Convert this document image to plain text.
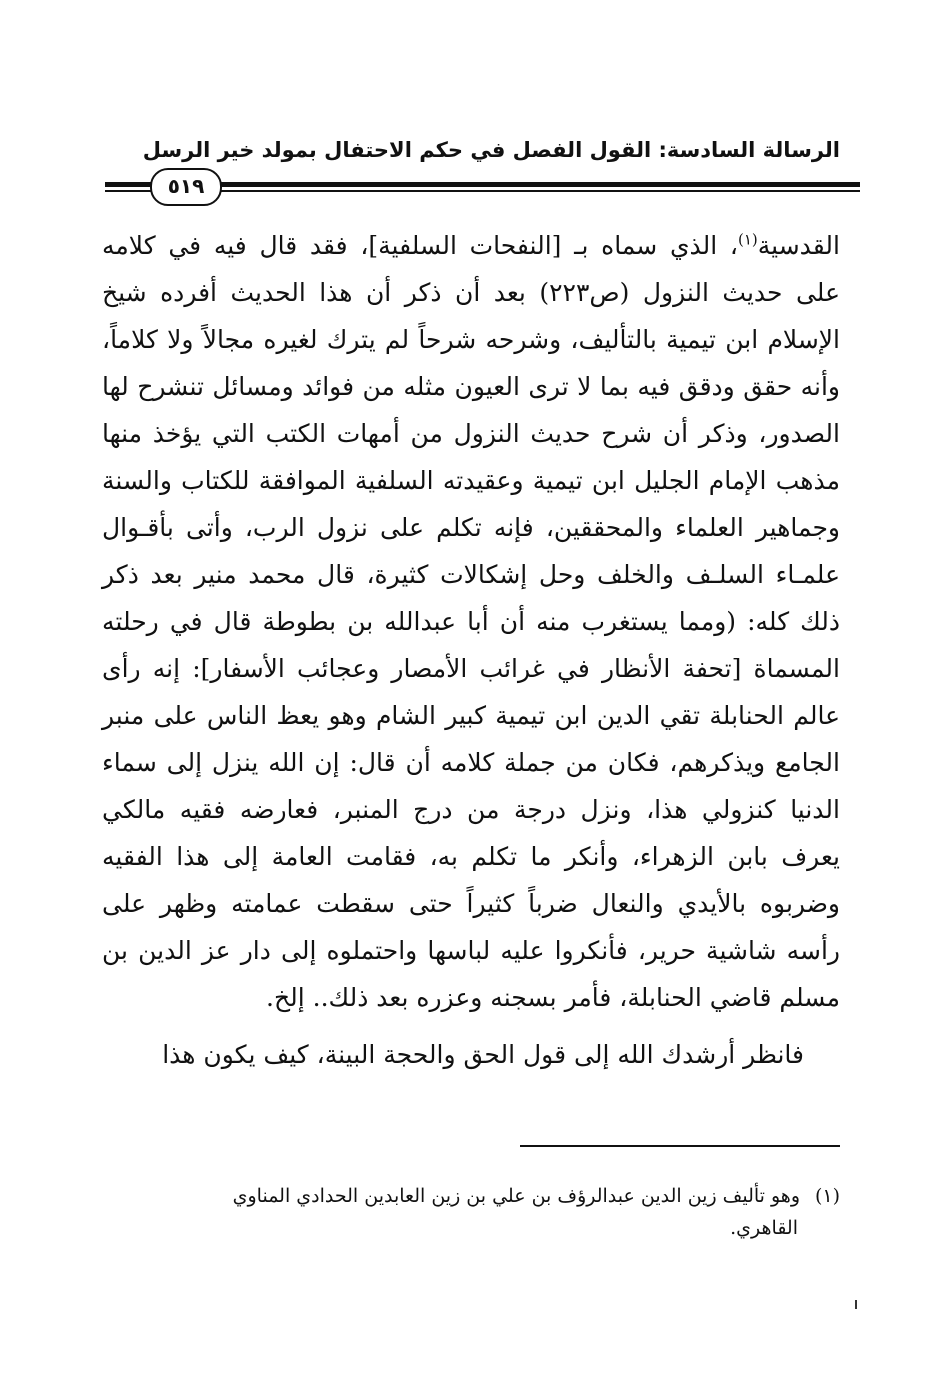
الرسالة السادسة: القول الفصل في حكم الاحتفال بمولد خير الرسل
٥١٩

القدسية$^{(١)}$، الذي سماه بـ [النفحات السلفية]، فقد قال فيه في كلامه على حديث النزول (ص٢٢٣) بعد أن ذكر أن هذا الحديث أفرده شيخ الإسلام ابن تيمية بالتأليف، وشرحه شرحاً لم يترك لغيره مجالاً ولا كلاماً، وأنه حقق ودقق فيه بما لا ترى العيون مثله من فوائد ومسائل تنشرح لها الصدور، وذكر أن شرح حديث النزول من أمهات الكتب التي يؤخذ منها مذهب الإمام الجليل ابن تيمية وعقيدته السلفية الموافقة للكتاب والسنة وجماهير العلماء والمحققين، فإنه تكلم على نزول الرب، وأتى بأقـوال علمـاء السلـف والخلف وحل إشكالات كثيرة، قال محمد منير بعد ذكر ذلك كله: (ومما يستغرب منه أن أبا عبدالله بن بطوطة قال في رحلته المسماة [تحفة الأنظار في غرائب الأمصار وعجائب الأسفار]: إنه رأى عالم الحنابلة تقي الدين ابن تيمية كبير الشام وهو يعظ الناس على منبر الجامع ويذكرهم، فكان من جملة كلامه أن قال: إن الله ينزل إلى سماء الدنيا كنزولي هذا، ونزل درجة من درج المنبر، فعارضه فقيه مالكي يعرف بابن الزهراء، وأنكر ما تكلم به، فقامت العامة إلى هذا الفقيه وضربوه بالأيدي والنعال ضرباً كثيراً حتى سقطت عمامته وظهر على رأسه شاشية حرير، فأنكروا عليه لباسها واحتملوه إلى دار عز الدين بن مسلم قاضي الحنابلة، فأمر بسجنه وعزره بعد ذلك.. إلخ.

فانظر أرشدك الله إلى قول الحق والحجة البينة، كيف يكون هذا

(١)وهو تأليف زين الدين عبدالرؤف بن علي بن زين العابدين الحدادي المناوي
القاهري.
